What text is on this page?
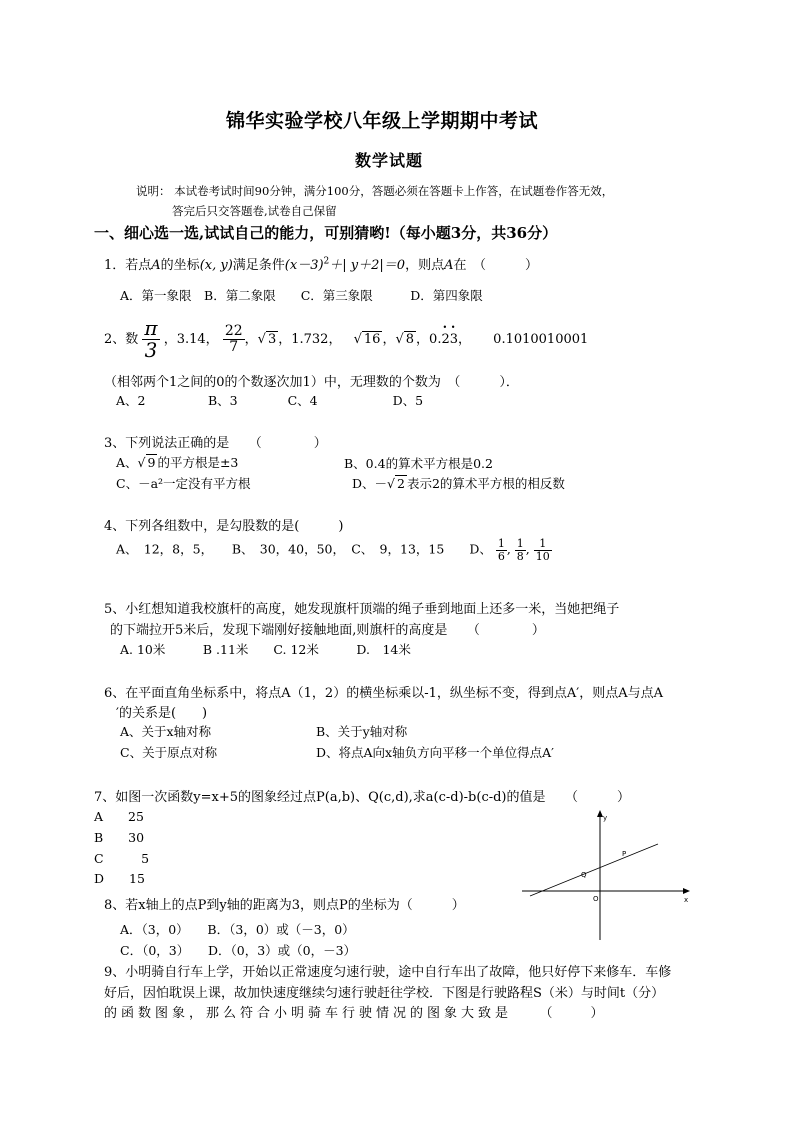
锦华实验学校八年级上学期期中考试
数学试题
说明： 本试卷考试时间90分钟，满分100分，答题必须在答题卡上作答，在试题卷作答无效，
答完后只交答题卷,试卷自己保留
一、细心选一选,试试自己的能力，可别猜哟!（每小题3分，共36分）
1．若点A的坐标(x, y)满足条件$(x-3)^2+|$ y＋2|＝0，则点A在　（　　　）
A．第一象限　B．第二象限　　C．第三象限　　　D．第四象限
2、数 $\frac{\pi}{3}$ ，3.14， $\frac{22}{7}$ ，√ 3 ，1.732， √ 16 ，√ 8 ，0.• 2• 3， 0.1010010001
（相邻两个1之间的0的个数逐次加1）中，无理数的个数为　（　　　）．
A、2　　　　　B、3　　　　C、4　　　　　　D、5
3、下列说法正确的是　　（　　　　）
A、√ 9 的平方根是±3	B、0.4的算术平方根是0.2
C、－a²一定没有平方根	D、－√ 2 表示2的算术平方根的相反数
4、下列各组数中，是勾股数的是(　　　)
A、　12，8，5，　　B、　30，40，50，　C、　9，13，15　　D、 $\frac{1}{6}$ , $\frac{1}{8}$ , $\frac{1}{10}$
5、小红想知道我校旗杆的高度，她发现旗杆顶端的绳子垂到地面上还多一米，当她把绳子
的下端拉开5米后，发现下端刚好接触地面,则旗杆的高度是　　（　　　　）
A. 10米　　　B .11米　　C. 12米　　　D.　14米
6、在平面直角坐标系中，将点A（1，2）的横坐标乘以-1，纵坐标不变，得到点A′，则点A与点A
′的关系是(　　)
A、关于x轴对称	B、关于y轴对称
C、关于原点对称	D、将点A向x轴负方向平移一个单位得点A′
7、如图一次函数y=x+5的图象经过点P(a,b)、Q(c,d),求a(c-d)-b(c-d)的值是　　（　　　）
A　　25
B　　30
C　　　5
D　　15
y
x
O
P
Q
8、若x轴上的点P到y轴的距离为3，则点P的坐标为（　　　）
A．（3，0）　　B．（3，0）或（－3，0）
C．（0，3）　　D．（0，3）或（0，－3）
9、小明骑自行车上学，开始以正常速度匀速行驶，途中自行车出了故障，他只好停下来修车．车修
好后，因怕耽误上课，故加快速度继续匀速行驶赶往学校．下图是行驶路程S（米）与时间t（分）
的函数图象，那么符合小明骑车行驶情况的图象大致是　　（　　）
